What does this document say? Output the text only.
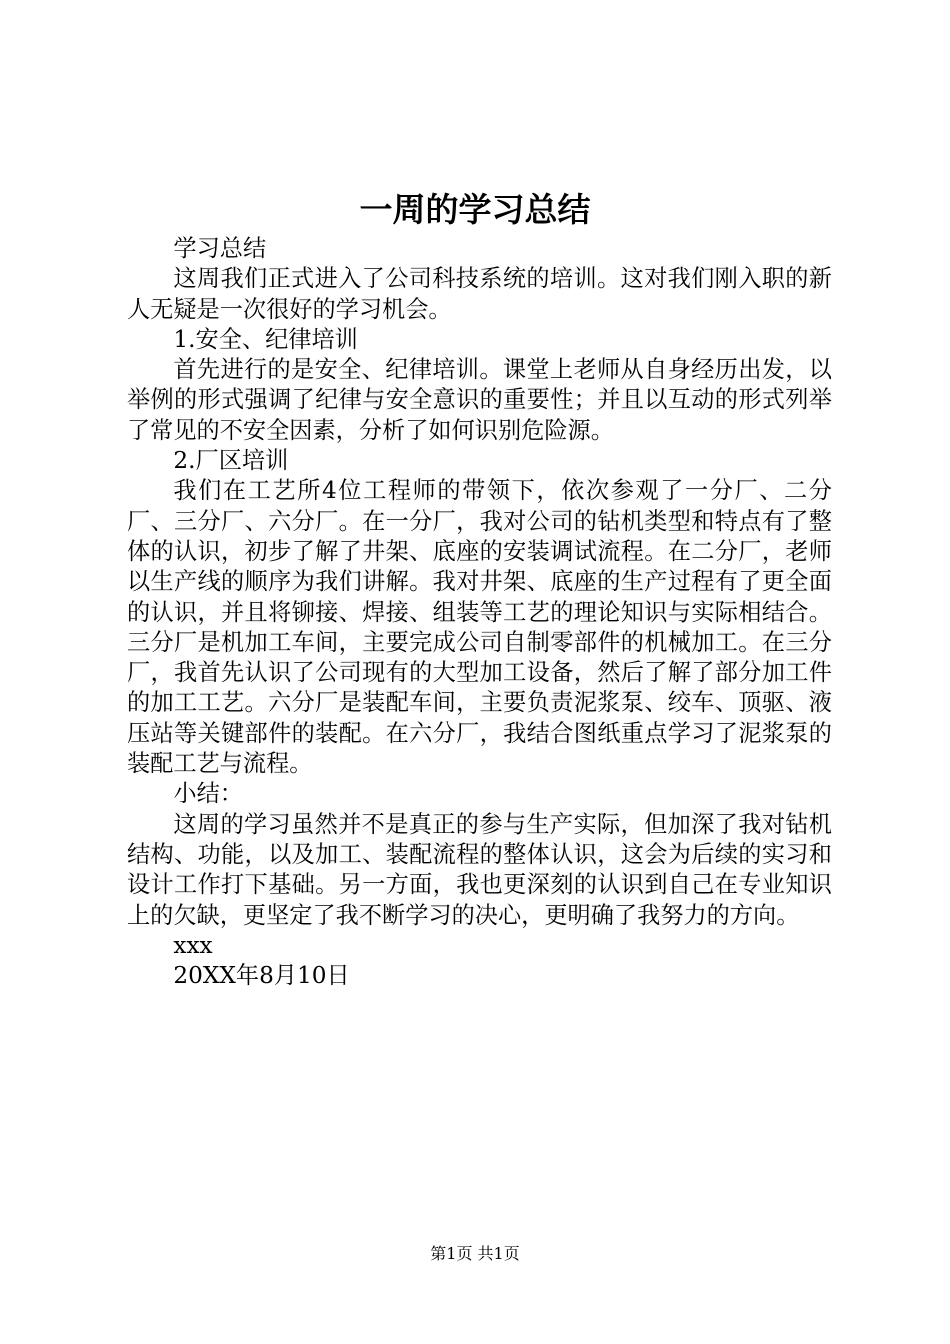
一周的学习总结

学习总结

这周我们正式进入了公司科技系统的培训。这对我们刚入职的新人无疑是一次很好的学习机会。

1.安全、纪律培训

首先进行的是安全、纪律培训。课堂上老师从自身经历出发，以举例的形式强调了纪律与安全意识的重要性；并且以互动的形式列举了常见的不安全因素，分析了如何识别危险源。

2.厂区培训

我们在工艺所4位工程师的带领下，依次参观了一分厂、二分厂、三分厂、六分厂。在一分厂，我对公司的钻机类型和特点有了整体的认识，初步了解了井架、底座的安装调试流程。在二分厂，老师以生产线的顺序为我们讲解。我对井架、底座的生产过程有了更全面的认识，并且将铆接、焊接、组装等工艺的理论知识与实际相结合。三分厂是机加工车间，主要完成公司自制零部件的机械加工。在三分厂，我首先认识了公司现有的大型加工设备，然后了解了部分加工件的加工工艺。六分厂是装配车间，主要负责泥浆泵、绞车、顶驱、液压站等关键部件的装配。在六分厂，我结合图纸重点学习了泥浆泵的装配工艺与流程。

小结：

这周的学习虽然并不是真正的参与生产实际，但加深了我对钻机结构、功能，以及加工、装配流程的整体认识，这会为后续的实习和设计工作打下基础。另一方面，我也更深刻的认识到自己在专业知识上的欠缺，更坚定了我不断学习的决心，更明确了我努力的方向。

xxx

20XX年8月10日

第1页 共1页
